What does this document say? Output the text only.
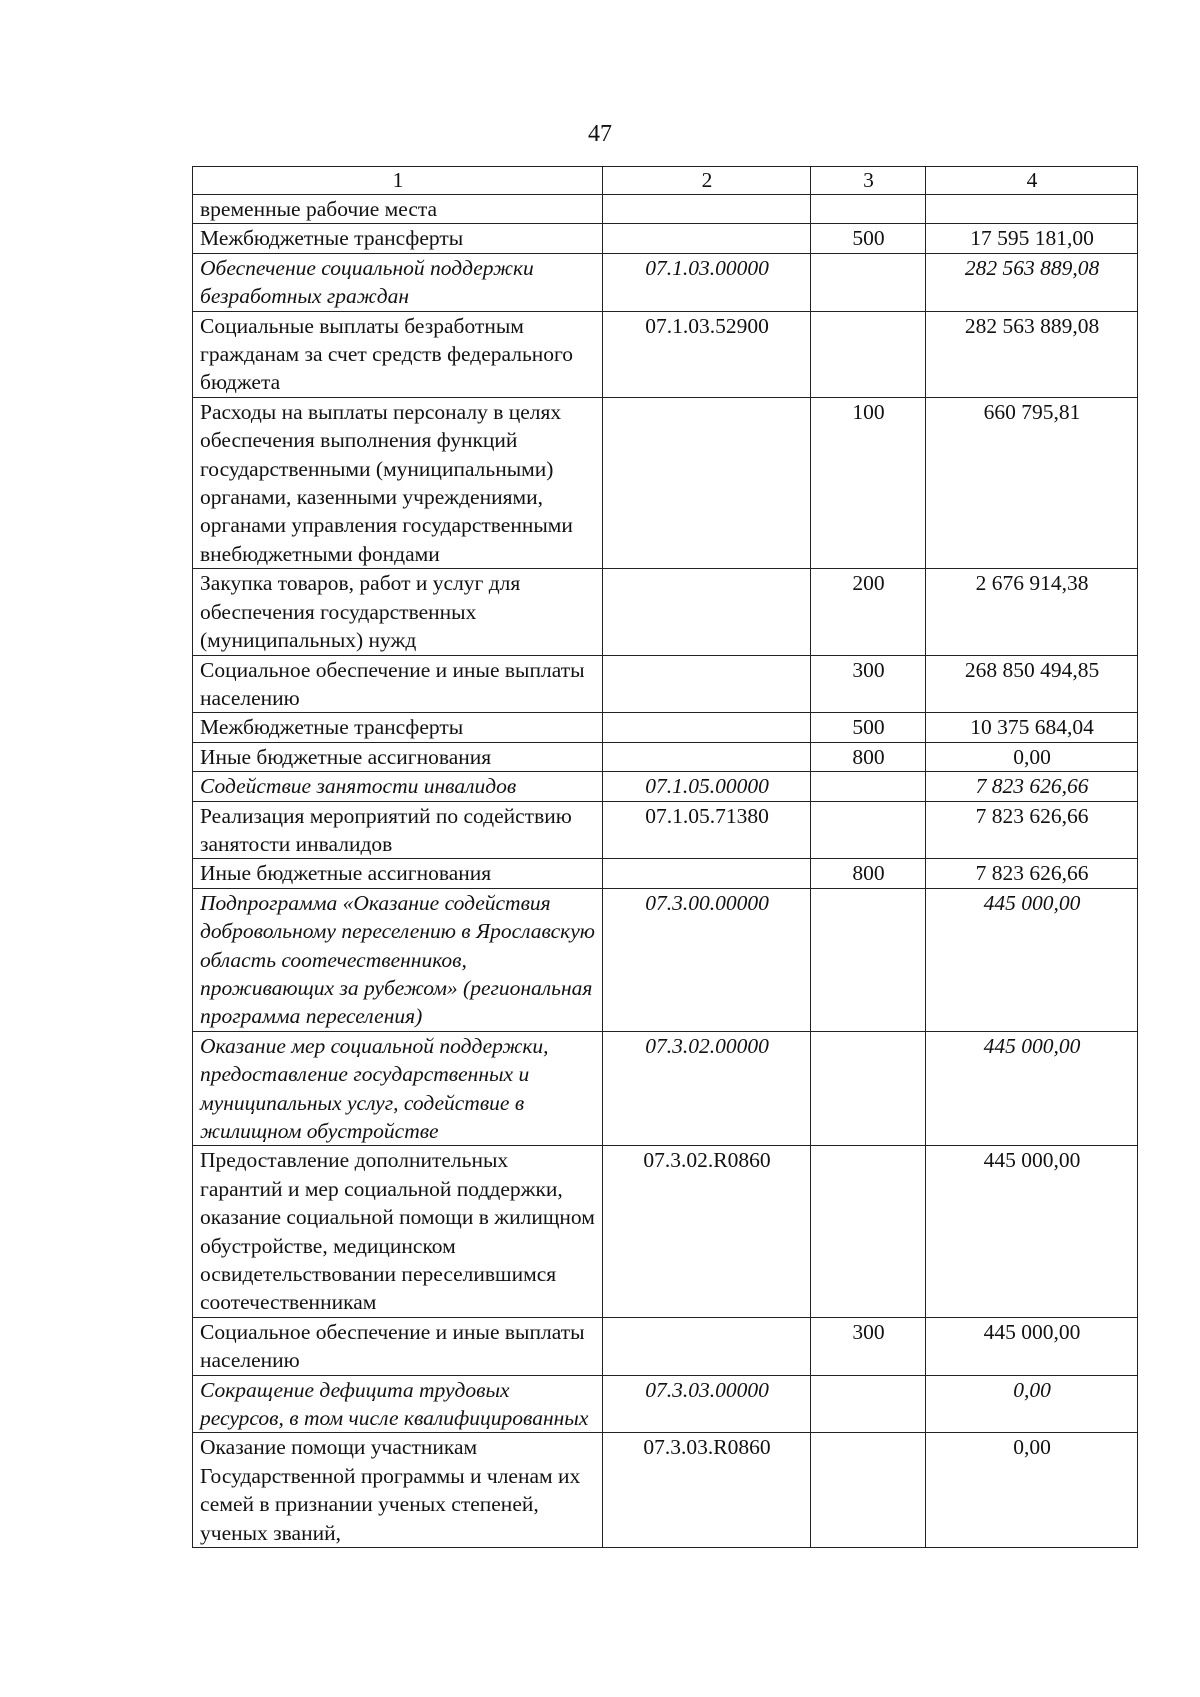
47
1	2	3	4
временные рабочие места			
Межбюджетные трансферты		500	17 595 181,00
Обеспечение социальной поддержки безработных граждан	07.1.03.00000		282 563 889,08
Социальные выплаты безработным гражданам за счет средств федерального бюджета	07.1.03.52900		282 563 889,08
Расходы на выплаты персоналу в целях обеспечения выполнения функций государственными (муниципальными) органами, казенными учреждениями, органами управления государственными внебюджетными фондами		100	660 795,81
Закупка товаров, работ и услуг для обеспечения государственных (муниципальных) нужд		200	2 676 914,38
Социальное обеспечение и иные выплаты населению		300	268 850 494,85
Межбюджетные трансферты		500	10 375 684,04
Иные бюджетные ассигнования		800	0,00
Содействие занятости инвалидов	07.1.05.00000		7 823 626,66
Реализация мероприятий по содействию занятости инвалидов	07.1.05.71380		7 823 626,66
Иные бюджетные ассигнования		800	7 823 626,66
Подпрограмма «Оказание содействия добровольному переселению в Ярославскую область соотечественников, проживающих за рубежом» (региональная программа переселения)	07.3.00.00000		445 000,00
Оказание мер социальной поддержки, предоставление государственных и муниципальных услуг, содействие в жилищном обустройстве	07.3.02.00000		445 000,00
Предоставление дополнительных гарантий и мер социальной поддержки, оказание социальной помощи в жилищном обустройстве, медицинском освидетельствовании переселившимся соотечественникам	07.3.02.R0860		445 000,00
Социальное обеспечение и иные выплаты населению		300	445 000,00
Сокращение дефицита трудовых ресурсов, в том числе квалифицированных	07.3.03.00000		0,00
Оказание помощи участникам Государственной программы и членам их семей в признании ученых степеней, ученых званий,	07.3.03.R0860		0,00
